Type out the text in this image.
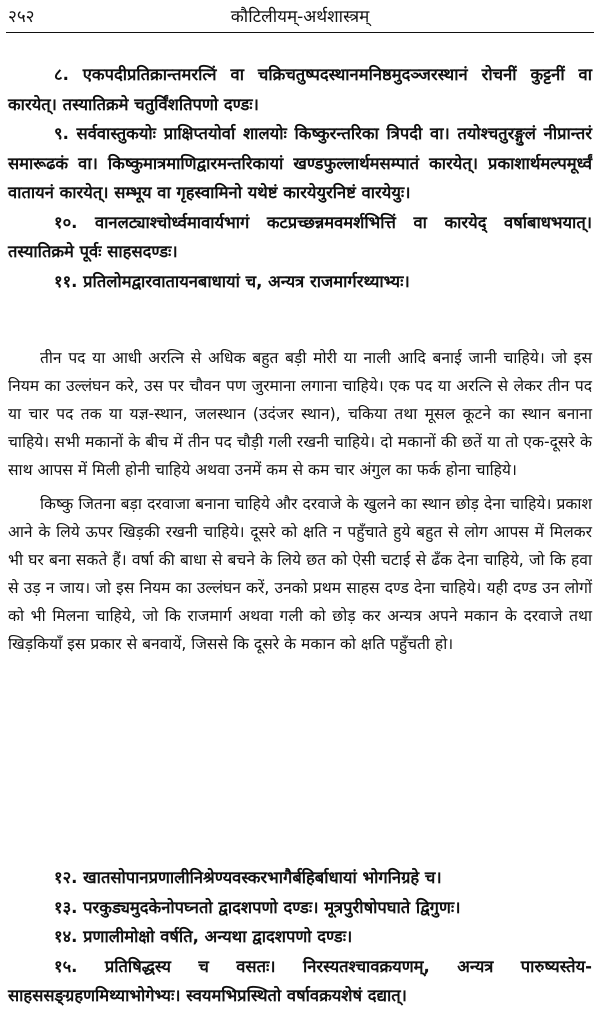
२५२	कौटिलीयम्-अर्थशास्त्रम्

८. एकपदीप्रतिक्रान्तमरत्निं वा चक्रिचतुष्पदस्थानमनिष्ठमुदञ्जरस्थानं रोचनीं कुट्टनीं वा कारयेत्। तस्यातिक्रमे चतुर्विंशतिपणो दण्डः।

९. सर्ववास्तुकयोः प्राक्षिप्तयोर्वा शालयोः किष्कुरन्तरिका त्रिपदी वा। तयोश्चतुरङ्गुलं नीप्रान्तरं समारूढकं वा। किष्कुमात्रमाणिद्वारमन्तरिकायां खण्डफुल्लार्थमसम्पातं कारयेत्। प्रकाशार्थमल्पमूर्ध्वं वातायनं कारयेत्। सम्भूय वा गृहस्वामिनो यथेष्टं कारयेयुरनिष्टं वारयेयुः।

१०. वानलट्याश्चोर्ध्वमावार्यभागं कटप्रच्छन्नमवमर्शभित्तिं वा कारयेद् वर्षाबाधभयात्। तस्यातिक्रमे पूर्वः साहसदण्डः।

११. प्रतिलोमद्वारवातायनबाधायां च, अन्यत्र राजमार्गरथ्याभ्यः।

तीन पद या आधी अरत्नि से अधिक बहुत बड़ी मोरी या नाली आदि बनाई जानी चाहिये। जो इस नियम का उल्लंघन करे, उस पर चौवन पण जुरमाना लगाना चाहिये। एक पद या अरत्नि से लेकर तीन पद या चार पद तक या यज्ञ-स्थान, जलस्थान (उदंजर स्थान), चकिया तथा मूसल कूटने का स्थान बनाना चाहिये। सभी मकानों के बीच में तीन पद चौड़ी गली रखनी चाहिये। दो मकानों की छतें या तो एक-दूसरे के साथ आपस में मिली होनी चाहिये अथवा उनमें कम से कम चार अंगुल का फर्क होना चाहिये।

किष्कु जितना बड़ा दरवाजा बनाना चाहिये और दरवाजे के खुलने का स्थान छोड़ देना चाहिये। प्रकाश आने के लिये ऊपर खिड़की रखनी चाहिये। दूसरे को क्षति न पहुँचाते हुये बहुत से लोग आपस में मिलकर भी घर बना सकते हैं। वर्षा की बाधा से बचने के लिये छत को ऐसी चटाई से ढँक देना चाहिये, जो कि हवा से उड़ न जाय। जो इस नियम का उल्लंघन करें, उनको प्रथम साहस दण्ड देना चाहिये। यही दण्ड उन लोगों को भी मिलना चाहिये, जो कि राजमार्ग अथवा गली को छोड़ कर अन्यत्र अपने मकान के दरवाजे तथा खिड़कियाँ इस प्रकार से बनवायें, जिससे कि दूसरे के मकान को क्षति पहुँचती हो।

१२. खातसोपानप्रणालीनिश्रेण्यवस्करभागैर्बहिर्बाधायां भोगनिग्रहे च।

१३. परकुड्यमुदकेनोपघ्नतो द्वादशपणो दण्डः। मूत्रपुरीषोपघाते द्विगुणः।

१४. प्रणालीमोक्षो वर्षति, अन्यथा द्वादशपणो दण्डः।

१५. प्रतिषिद्धस्य च वसतः। निरस्यतश्चावक्रयणम्, अन्यत्र पारुष्यस्तेय-साहससङ्ग्रहणमिथ्याभोगेभ्यः। स्वयमभिप्रस्थितो वर्षावक्रयशेषं दद्यात्।
